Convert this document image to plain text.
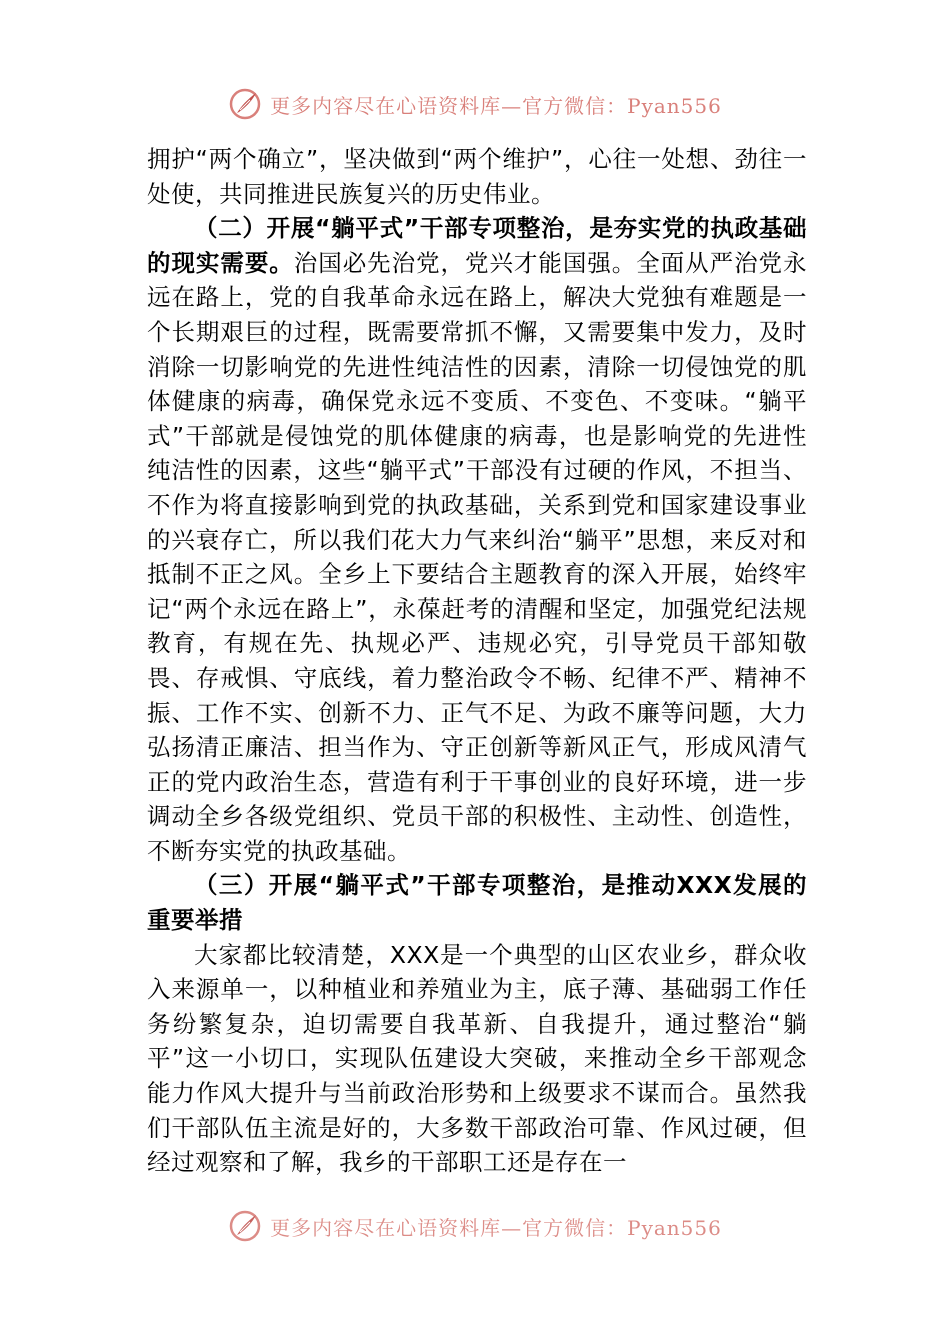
更多内容尽在心语资料库—官方微信：Pyan556

拥护“两个确立”，坚决做到“两个维护”，心往一处想、劲往一处使，共同推进民族复兴的历史伟业。

（二）开展“躺平式”干部专项整治，是夯实党的执政基础的现实需要。治国必先治党，党兴才能国强。全面从严治党永远在路上，党的自我革命永远在路上，解决大党独有难题是一个长期艰巨的过程，既需要常抓不懈，又需要集中发力，及时消除一切影响党的先进性纯洁性的因素，清除一切侵蚀党的肌体健康的病毒，确保党永远不变质、不变色、不变味。“躺平式”干部就是侵蚀党的肌体健康的病毒，也是影响党的先进性纯洁性的因素，这些“躺平式”干部没有过硬的作风，不担当、不作为将直接影响到党的执政基础，关系到党和国家建设事业的兴衰存亡，所以我们花大力气来纠治“躺平”思想，来反对和抵制不正之风。全乡上下要结合主题教育的深入开展，始终牢记“两个永远在路上”，永葆赶考的清醒和坚定，加强党纪法规教育，有规在先、执规必严、违规必究，引导党员干部知敬畏、存戒惧、守底线，着力整治政令不畅、纪律不严、精神不振、工作不实、创新不力、正气不足、为政不廉等问题，大力弘扬清正廉洁、担当作为、守正创新等新风正气，形成风清气正的党内政治生态，营造有利于干事创业的良好环境，进一步调动全乡各级党组织、党员干部的积极性、主动性、创造性，不断夯实党的执政基础。

（三）开展“躺平式”干部专项整治，是推动XXX发展的重要举措

大家都比较清楚，XXX是一个典型的山区农业乡，群众收入来源单一，以种植业和养殖业为主，底子薄、基础弱工作任务纷繁复杂，迫切需要自我革新、自我提升，通过整治“躺平”这一小切口，实现队伍建设大突破，来推动全乡干部观念能力作风大提升与当前政治形势和上级要求不谋而合。虽然我们干部队伍主流是好的，大多数干部政治可靠、作风过硬，但经过观察和了解，我乡的干部职工还是存在一

更多内容尽在心语资料库—官方微信：Pyan556
